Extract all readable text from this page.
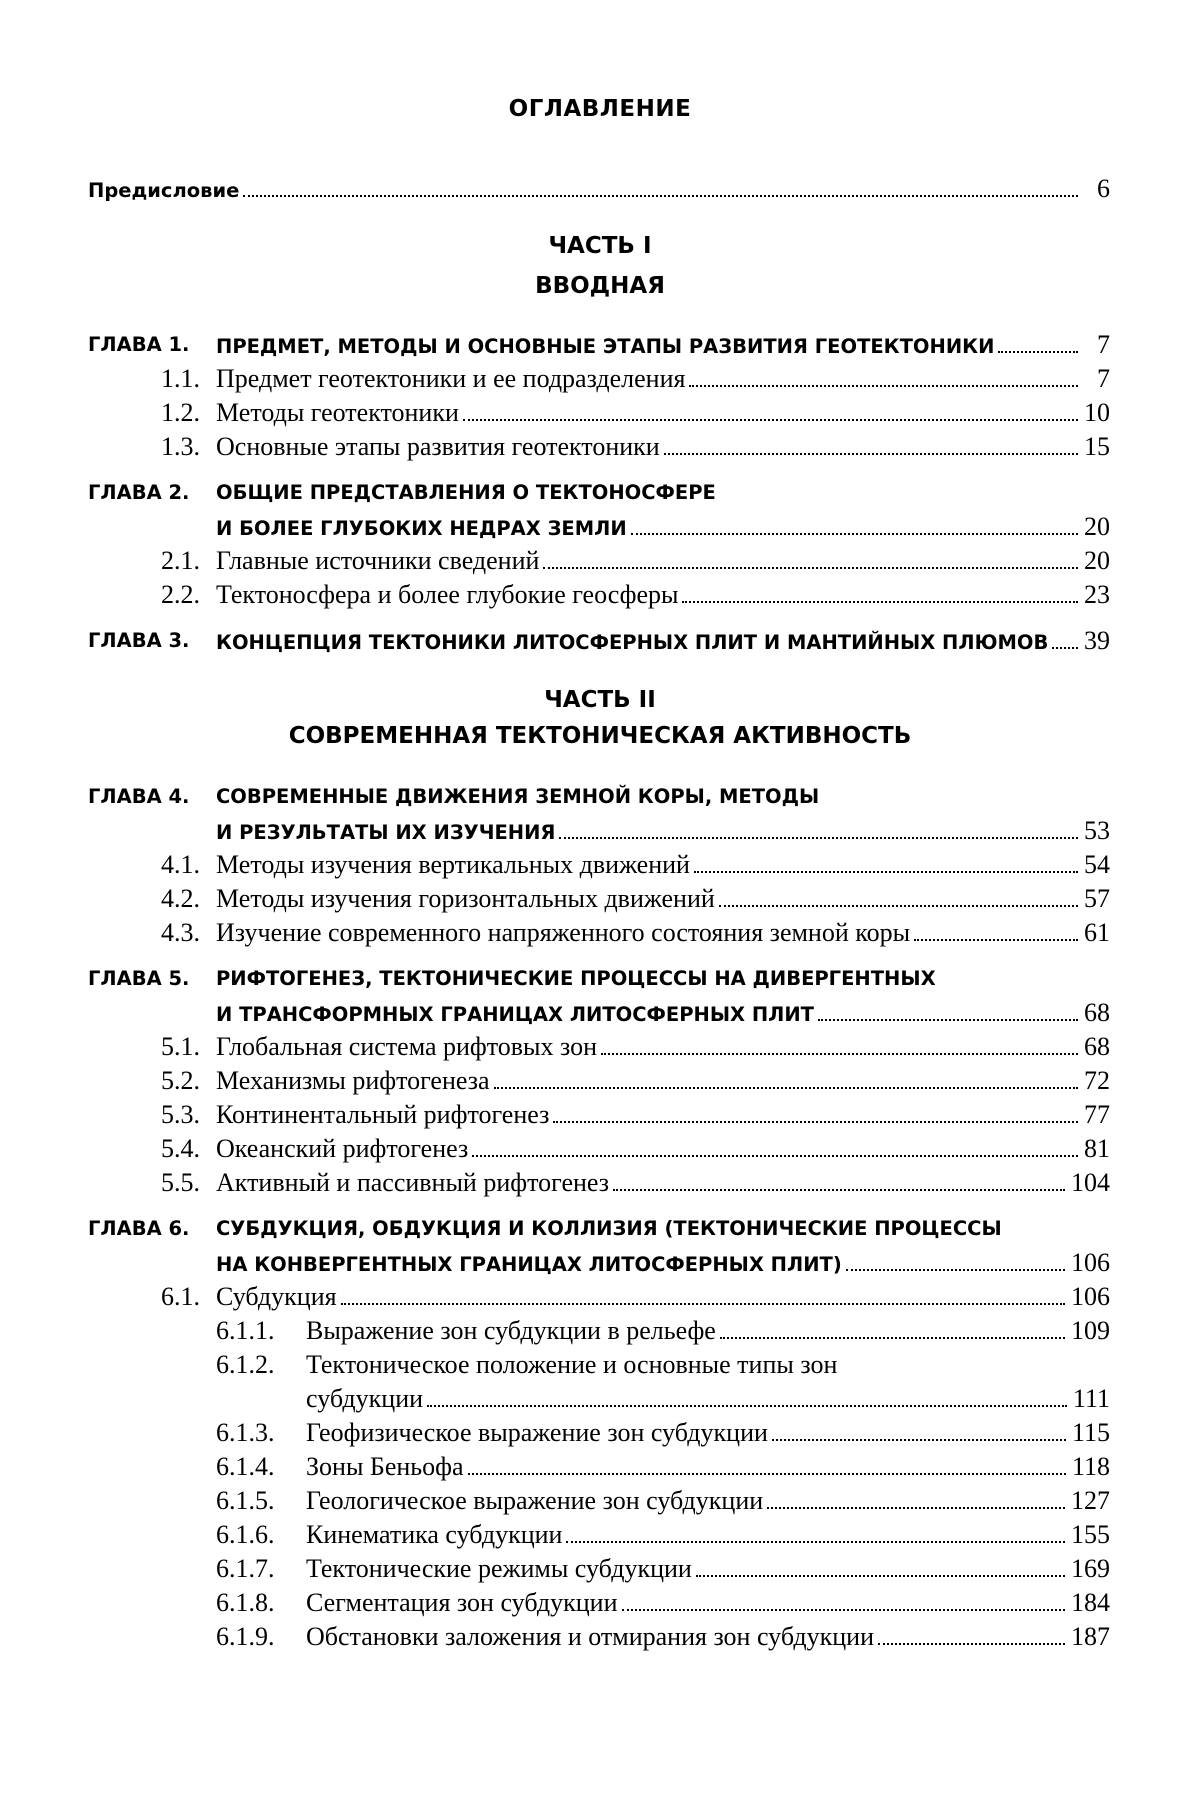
ОГЛАВЛЕНИЕ
Предисловие	6
ЧАСТЬ I
ВВОДНАЯ
ГЛАВА 1.	ПРЕДМЕТ, МЕТОДЫ И ОСНОВНЫЕ ЭТАПЫ РАЗВИТИЯ ГЕОТЕКТОНИКИ	7
1.1. Предмет геотектоники и ее подразделения	7
1.2. Методы геотектоники	10
1.3. Основные этапы развития геотектоники	15
ГЛАВА 2.	ОБЩИЕ ПРЕДСТАВЛЕНИЯ О ТЕКТОНОСФЕРЕ
И БОЛЕЕ ГЛУБОКИХ НЕДРАХ ЗЕМЛИ	20
2.1. Главные источники сведений	20
2.2. Тектоносфера и более глубокие геосферы	23
ГЛАВА 3.	КОНЦЕПЦИЯ ТЕКТОНИКИ ЛИТОСФЕРНЫХ ПЛИТ И МАНТИЙНЫХ ПЛЮМОВ 39
ЧАСТЬ II
СОВРЕМЕННАЯ ТЕКТОНИЧЕСКАЯ АКТИВНОСТЬ
ГЛАВА 4.	СОВРЕМЕННЫЕ ДВИЖЕНИЯ ЗЕМНОЙ КОРЫ, МЕТОДЫ
И РЕЗУЛЬТАТЫ ИХ ИЗУЧЕНИЯ	53
4.1. Методы изучения вертикальных движений	54
4.2. Методы изучения горизонтальных движений	57
4.3. Изучение современного напряженного состояния земной коры	61
ГЛАВА 5.	РИФТОГЕНЕЗ, ТЕКТОНИЧЕСКИЕ ПРОЦЕССЫ НА ДИВЕРГЕНТНЫХ
И ТРАНСФОРМНЫХ ГРАНИЦАХ ЛИТОСФЕРНЫХ ПЛИТ	68
5.1. Глобальная система рифтовых зон	68
5.2. Механизмы рифтогенеза	72
5.3. Континентальный рифтогенез	77
5.4. Океанский рифтогенез	81
5.5. Активный и пассивный рифтогенез	104
ГЛАВА 6.	СУБДУКЦИЯ, ОБДУКЦИЯ И КОЛЛИЗИЯ (ТЕКТОНИЧЕСКИЕ ПРОЦЕССЫ
НА КОНВЕРГЕНТНЫХ ГРАНИЦАХ ЛИТОСФЕРНЫХ ПЛИТ)	106
6.1. Субдукция	106
6.1.1.	Выражение зон субдукции в рельефе	109
6.1.2. Тектоническое положение и основные типы зон
субдукции	111
6.1.3.	Геофизическое выражение зон субдукции	115
6.1.4.	Зоны Беньофа	118
6.1.5.	Геологическое выражение зон субдукции	127
6.1.6.	Кинематика субдукции	155
6.1.7.	Тектонические режимы субдукции	169
6.1.8.	Сегментация зон субдукции	184
6.1.9.	Обстановки заложения и отмирания зон субдукции	187
